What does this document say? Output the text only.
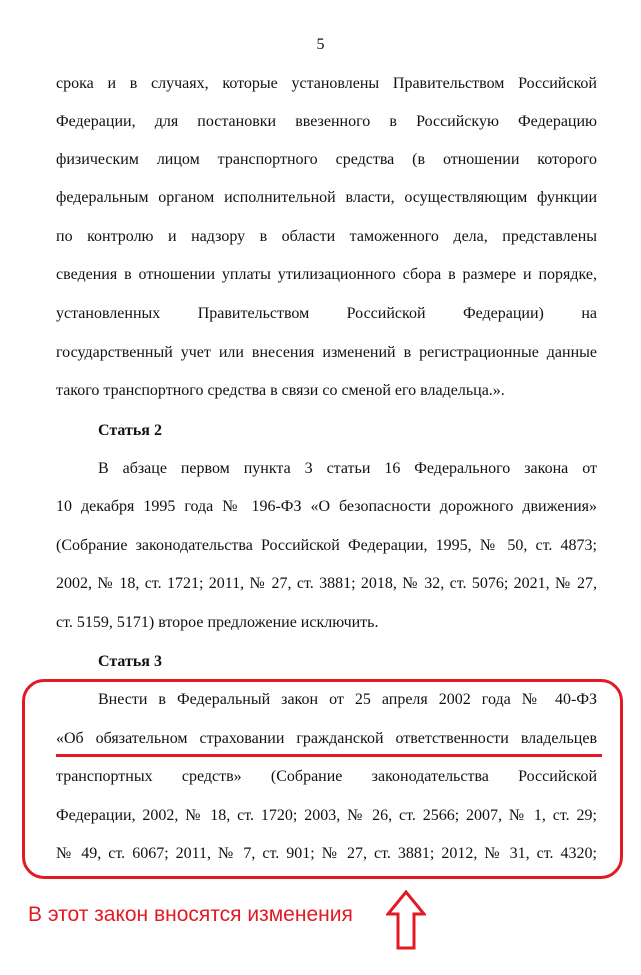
5
срока и в случаях, которые установлены Правительством Российской
Федерации, для постановки ввезенного в Российскую Федерацию
физическим лицом транспортного средства (в отношении которого
федеральным органом исполнительной власти, осуществляющим функции
по контролю и надзору в области таможенного дела, представлены
сведения в отношении уплаты утилизационного сбора в размере и порядке,
установленных Правительством Российской Федерации) на
государственный учет или внесения изменений в регистрационные данные
такого транспортного средства в связи со сменой его владельца.».
Статья 2
В абзаце первом пункта 3 статьи 16 Федерального закона от
10 декабря 1995 года № 196-ФЗ «О безопасности дорожного движения»
(Собрание законодательства Российской Федерации, 1995, № 50, ст. 4873;
2002, № 18, ст. 1721; 2011, № 27, ст. 3881; 2018, № 32, ст. 5076; 2021, № 27,
ст. 5159, 5171) второе предложение исключить.
Статья 3
Внести в Федеральный закон от 25 апреля 2002 года № 40-ФЗ
«Об обязательном страховании гражданской ответственности владельцев
транспортных средств» (Собрание законодательства Российской
Федерации, 2002, № 18, ст. 1720; 2003, № 26, ст. 2566; 2007, № 1, ст. 29;
№ 49, ст. 6067; 2011, № 7, ст. 901; № 27, ст. 3881; 2012, № 31, ст. 4320;
В этот закон вносятся изменения
